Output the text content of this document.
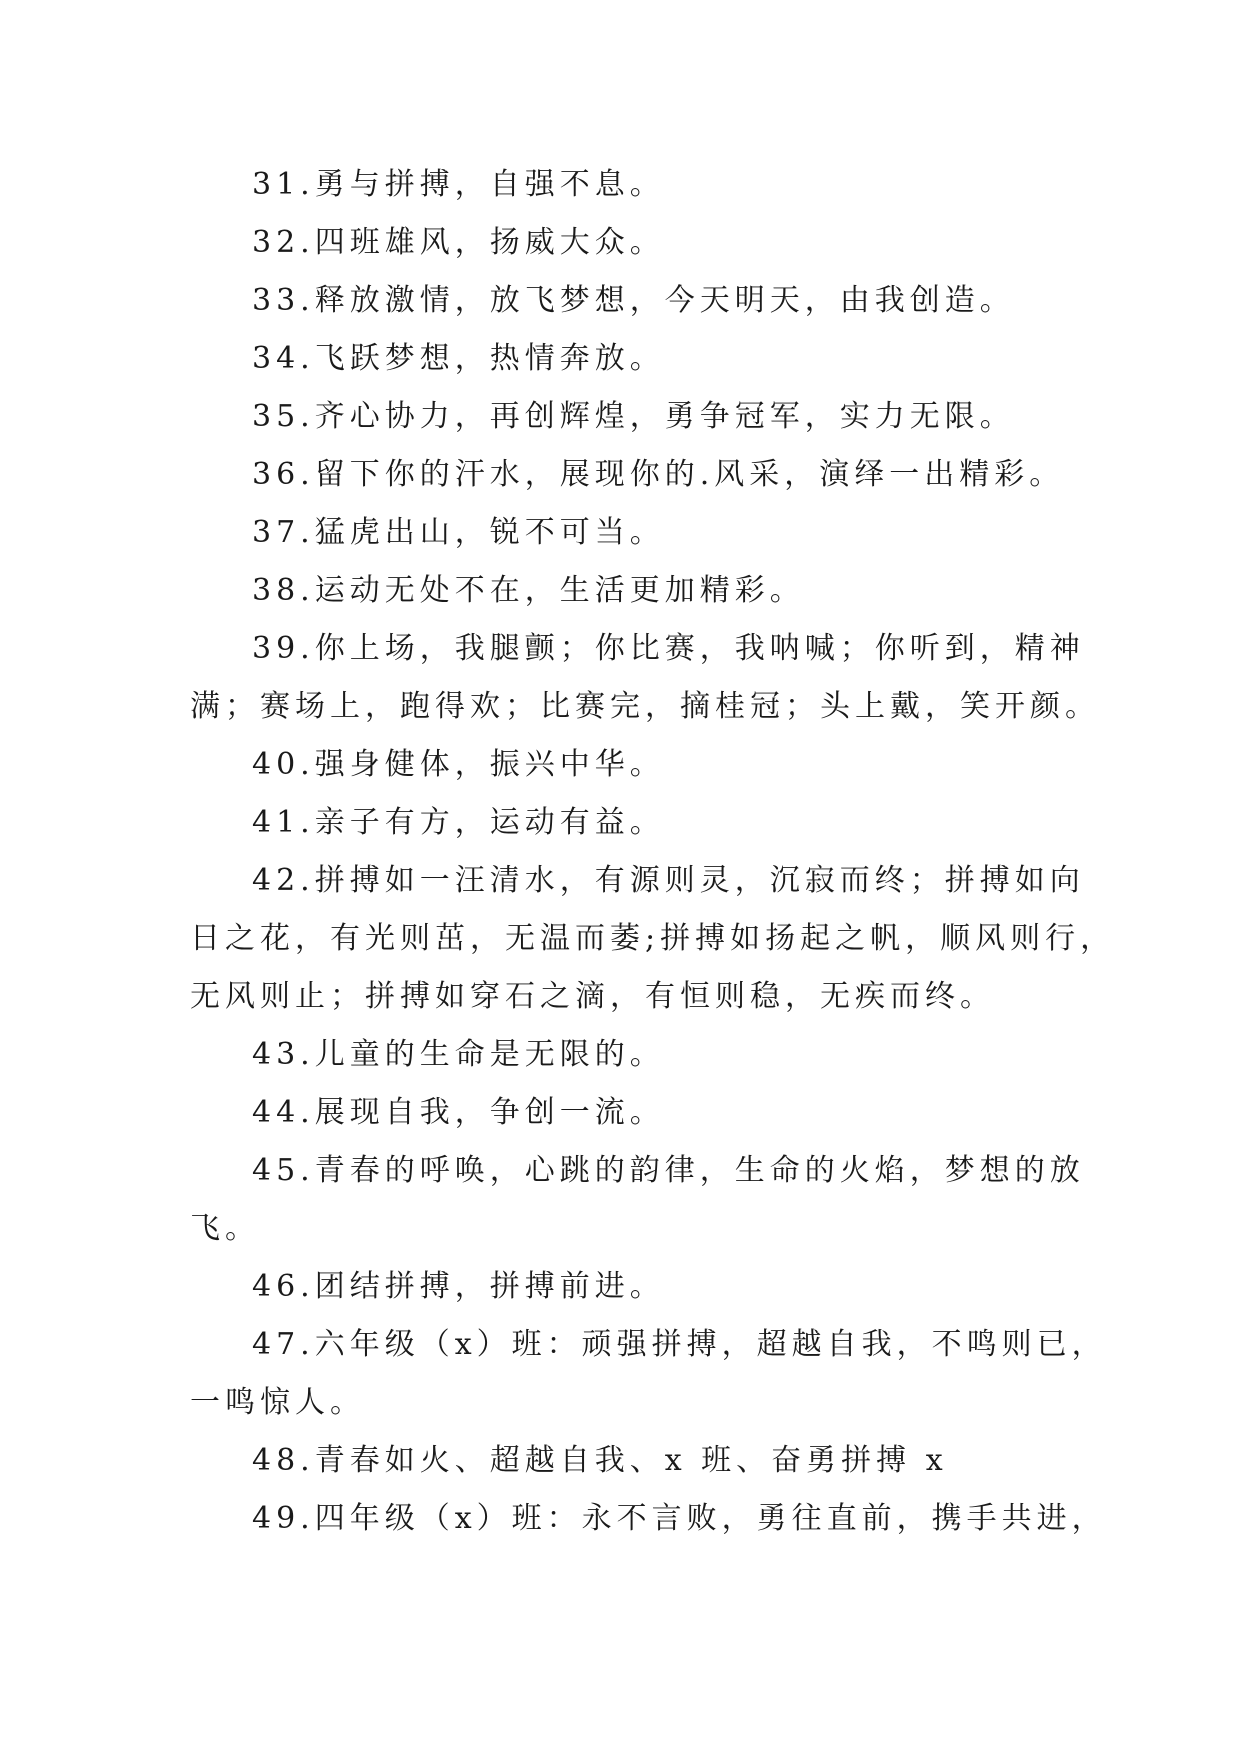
31.勇与拼搏，自强不息。
32.四班雄风，扬威大众。
33.释放激情，放飞梦想，今天明天，由我创造。
34.飞跃梦想，热情奔放。
35.齐心协力，再创辉煌，勇争冠军，实力无限。
36.留下你的汗水，展现你的.风采，演绎一出精彩。
37.猛虎出山，锐不可当。
38.运动无处不在，生活更加精彩。
39.你上场，我腿颤；你比赛，我呐喊；你听到，精神
满；赛场上，跑得欢；比赛完，摘桂冠；头上戴，笑开颜。
40.强身健体，振兴中华。
41.亲子有方，运动有益。
42.拼搏如一汪清水，有源则灵，沉寂而终；拼搏如向
日之花，有光则茁，无温而萎;拼搏如扬起之帆，顺风则行，
无风则止；拼搏如穿石之滴，有恒则稳，无疾而终。
43.儿童的生命是无限的。
44.展现自我，争创一流。
45.青春的呼唤，心跳的韵律，生命的火焰，梦想的放
飞。
46.团结拼搏，拼搏前进。
47.六年级（x）班：顽强拼搏，超越自我，不鸣则已，
一鸣惊人。
48.青春如火、超越自我、x 班、奋勇拼搏 x
49.四年级（x）班：永不言败，勇往直前，携手共进，
